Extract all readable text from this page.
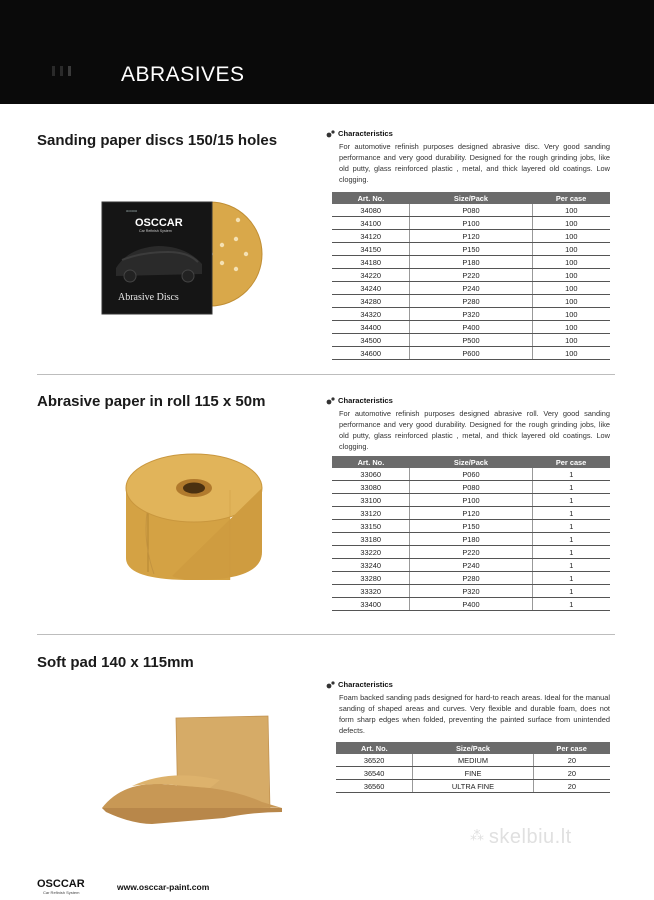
ABRASIVES
Sanding paper discs 150/15 holes
ooooo
OSCCAR
Car Refinish System
Abrasive Discs
Characteristics
For automotive refinish purposes designed abrasive disc. Very good sanding performance and very good durability. Designed for the rough grinding jobs, like old putty, glass reinforced plastic , metal, and thick layered old coatings. Low clogging.
Art. No.	Size/Pack	Per case
34080	P080	100
34100	P100	100
34120	P120	100
34150	P150	100
34180	P180	100
34220	P220	100
34240	P240	100
34280	P280	100
34320	P320	100
34400	P400	100
34500	P500	100
34600	P600	100
Abrasive paper in roll 115 x 50m	Characteristics
For automotive refinish purposes designed abrasive roll. Very good sanding performance and very good durability. Designed for the rough grinding jobs, like old putty, glass reinforced plastic , metal, and thick layered old coatings. Low clogging.
Art. No.	Size/Pack	Per case
33060	P060	1
33080	P080	1
33100	P100	1
33120	P120	1
33150	P150	1
33180	P180	1
33220	P220	1
33240	P240	1
33280	P280	1
33320	P320	1
33400	P400	1
Soft pad 140 x 115mm
Characteristics
Foam backed sanding pads designed for hard-to reach areas. Ideal for the manual sanding of shaped areas and curves. Very flexible and durable foam, does not form sharp edges when folded, preventing the painted surface from unintended defects.
Art. No.	Size/Pack	Per case
36520	MEDIUM	20
36540	FINE	20
36560	ULTRA FINE	20
⁂ skelbiu.lt
OSCCAR
Car Refinish System
www.osccar-paint.com
